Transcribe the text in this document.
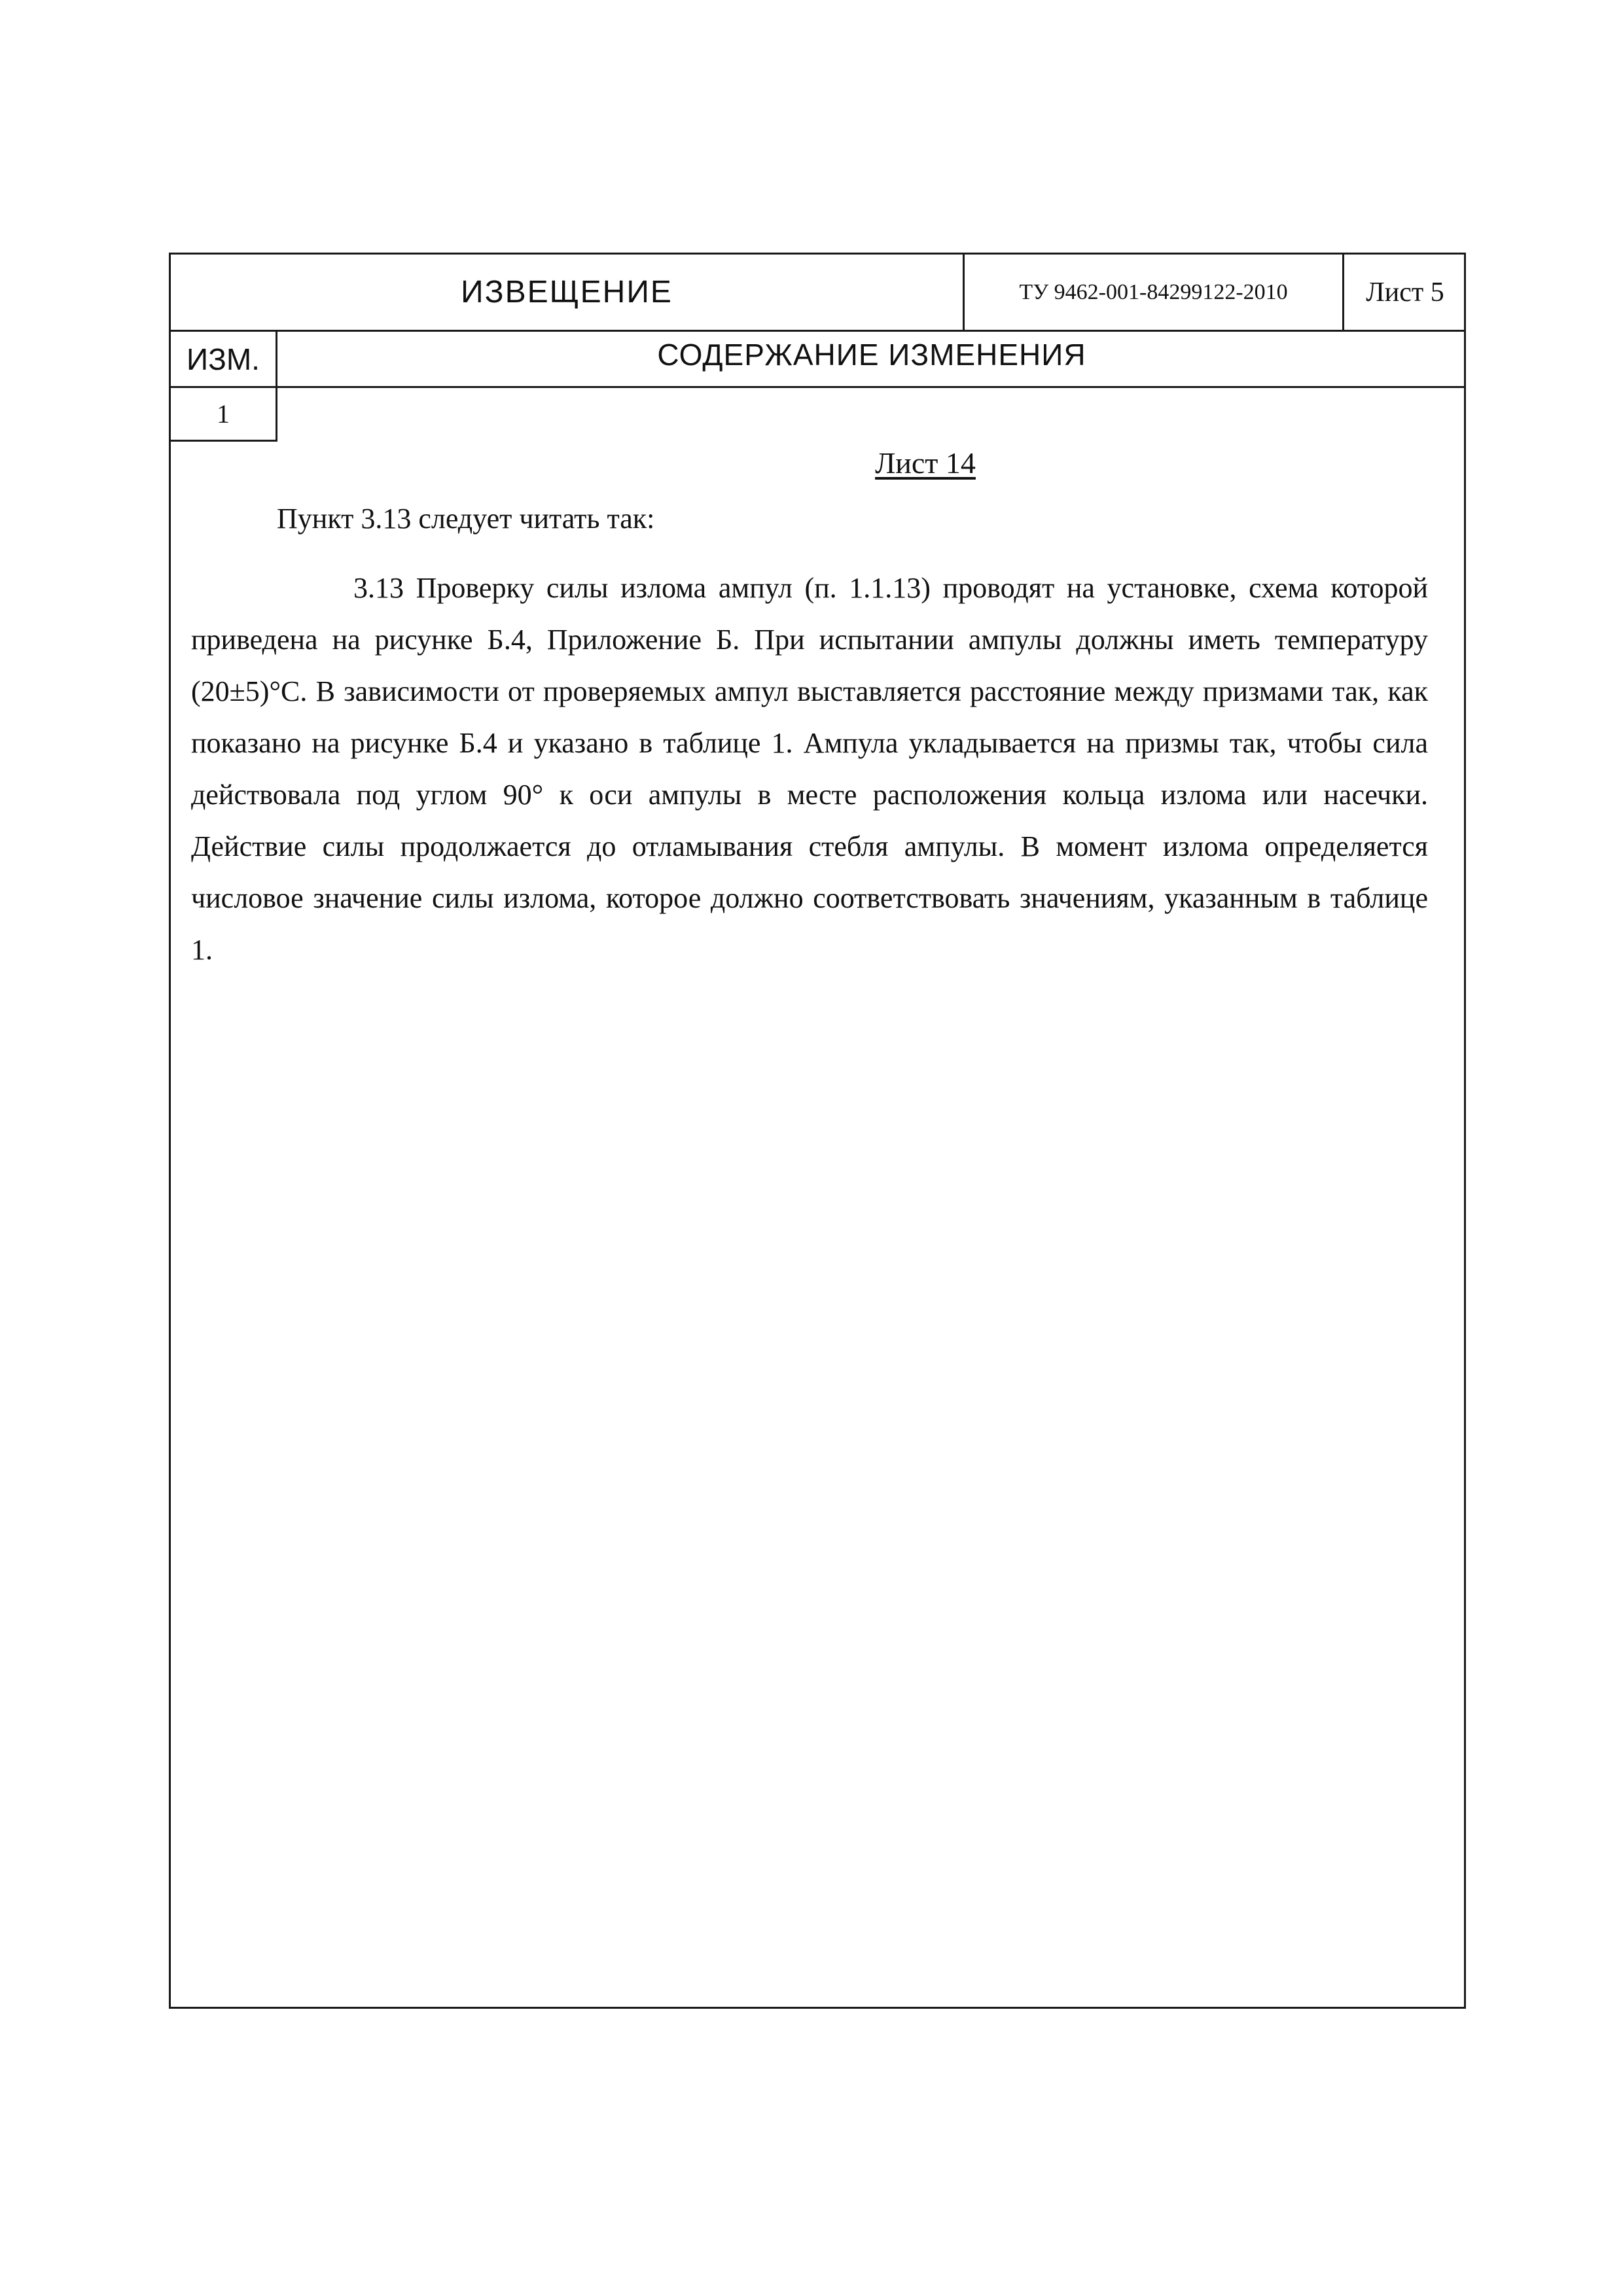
ИЗВЕЩЕНИЕ	ТУ 9462-001-84299122-2010	Лист 5
ИЗМ.	СОДЕРЖАНИЕ ИЗМЕНЕНИЯ
1
Лист 14
Пункт 3.13 следует читать так:

3.13 Проверку силы излома ампул (п. 1.1.13) проводят на установке, схема которой приведена на рисунке Б.4, Приложение Б. При испытании ампулы должны иметь температуру (20±5)°С. В зависимости от проверяемых ампул выставляется расстояние между призмами так, как показано на рисунке Б.4 и указано в таблице 1. Ампула укладывается на призмы так, чтобы сила действовала под углом 90° к оси ампулы в месте расположения кольца излома или насечки. Действие силы продолжается до отламывания стебля ампулы. В момент излома определяется числовое значение силы излома, которое должно соответствовать значениям, указанным в таблице 1.
